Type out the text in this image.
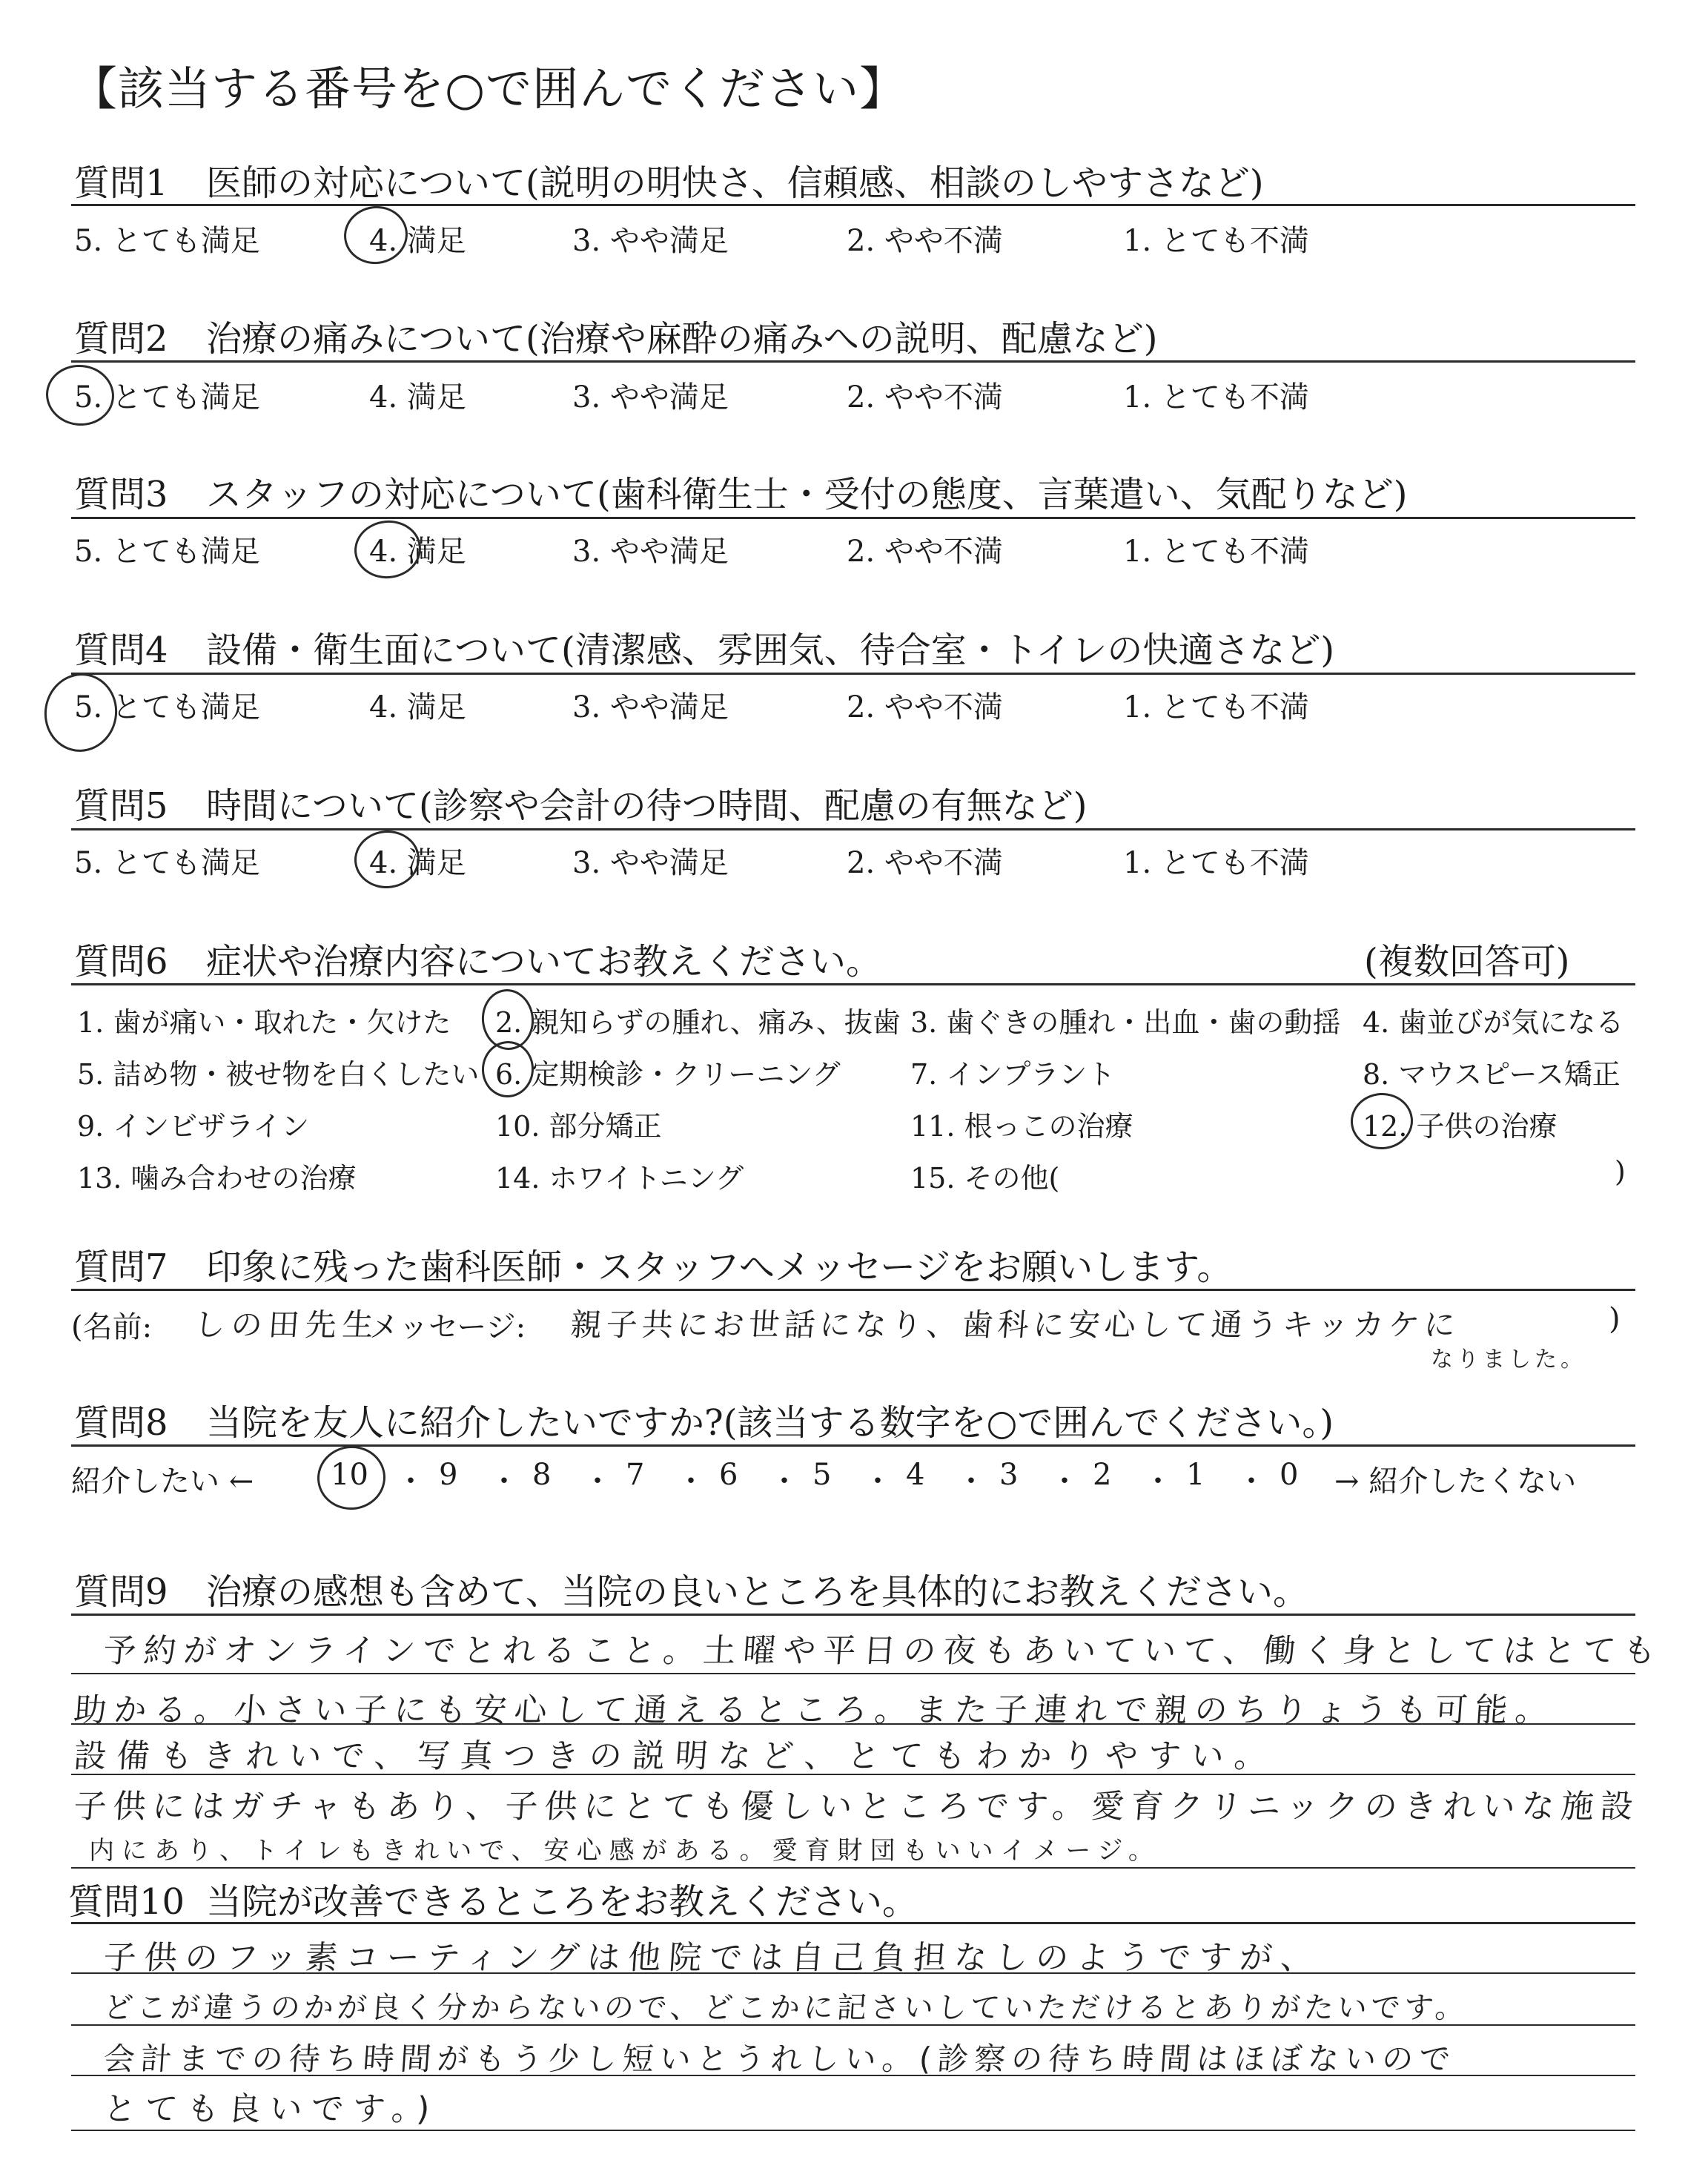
【該当する番号を○で囲んでください】
質問1 医師の対応について(説明の明快さ、信頼感、相談のしやすさなど)
5. とても満足	4. 満足	3. やや満足	2. やや不満	1. とても不満
質問2 治療の痛みについて(治療や麻酔の痛みへの説明、配慮など)
5. とても満足	4. 満足	3. やや満足	2. やや不満	1. とても不満
質問3 スタッフの対応について(歯科衛生士・受付の態度、言葉遣い、気配りなど)
5. とても満足	4. 満足	3. やや満足	2. やや不満	1. とても不満
質問4 設備・衛生面について(清潔感、雰囲気、待合室・トイレの快適さなど)
5. とても満足	4. 満足	3. やや満足	2. やや不満	1. とても不満
質問5 時間について(診察や会計の待つ時間、配慮の有無など)
5. とても満足	4. 満足	3. やや満足	2. やや不満	1. とても不満
質問6 症状や治療内容についてお教えください。	(複数回答可)
1. 歯が痛い・取れた・欠けた 2. 親知らずの腫れ、痛み、抜歯 3. 歯ぐきの腫れ・出血・歯の動揺 4. 歯並びが気になる
5. 詰め物・被せ物を白くしたい 6. 定期検診・クリーニング 7. インプラント	8. マウスピース矯正
9. インビザライン	10. 部分矯正	11. 根っこの治療	12. 子供の治療
13. 噛み合わせの治療	14. ホワイトニング	15. その他(	)
質問7 印象に残った歯科医師・スタッフへメッセージをお願いします。
(名前: しの田先生
メッセージ: 親子共にお世話になり、歯科に安心して通うキッカケに	)
なりました。
質問8 当院を友人に紹介したいですか?(該当する数字を○で囲んでください。)
紹介したい ←	10 ・ 9 ・ 8 ・ 7 ・ 6 ・ 5 ・ 4 ・ 3 ・ 2 ・ 1 ・ 0 → 紹介したくない
質問9 治療の感想も含めて、当院の良いところを具体的にお教えください。
予約がオンラインでとれること。土曜や平日の夜もあいていて、働く身としてはとても
助かる。小さい子にも安心して通えるところ。また子連れで親のちりょうも可能。
設備もきれいで、写真つきの説明など、とてもわかりやすい。
子供にはガチャもあり、子供にとても優しいところです。愛育クリニックのきれいな施設
内にあり、トイレもきれいで、安心感がある。愛育財団もいいイメージ。
質問10 当院が改善できるところをお教えください。
子供のフッ素コーティングは他院では自己負担なしのようですが、
どこが違うのかが良く分からないので、どこかに記さいしていただけるとありがたいです。
会計までの待ち時間がもう少し短いとうれしい。(診察の待ち時間はほぼないので
とても良いです。)
